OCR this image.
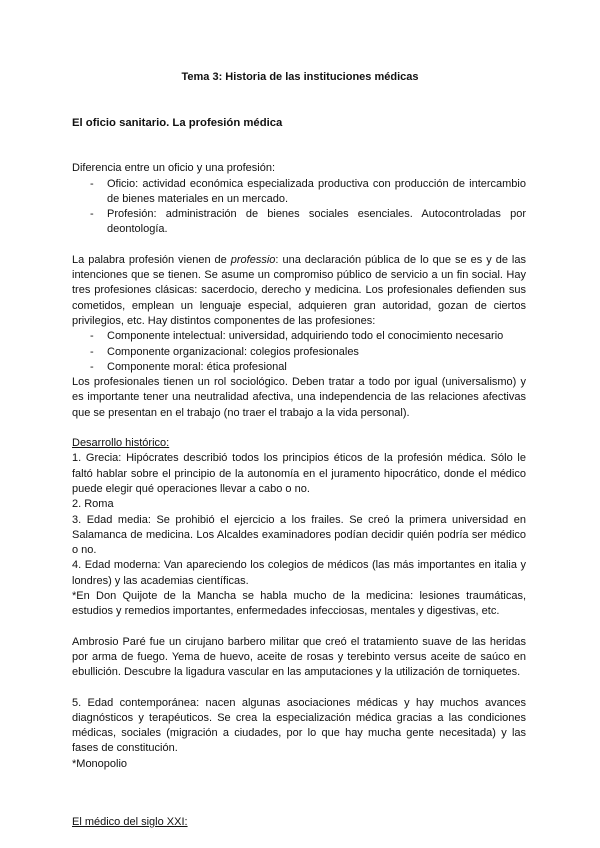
Tema 3: Historia de las instituciones médicas

El oficio sanitario. La profesión médica

Diferencia entre un oficio y una profesión:

- Oficio: actividad económica especializada productiva con producción de intercambio de bienes materiales en un mercado.
- Profesión: administración de bienes sociales esenciales. Autocontroladas por deontología.

La palabra profesión vienen de professio: una declaración pública de lo que se es y de las intenciones que se tienen. Se asume un compromiso público de servicio a un fin social. Hay tres profesiones clásicas: sacerdocio, derecho y medicina. Los profesionales defienden sus cometidos, emplean un lenguaje especial, adquieren gran autoridad, gozan de ciertos privilegios, etc. Hay distintos componentes de las profesiones:

- Componente intelectual: universidad, adquiriendo todo el conocimiento necesario
- Componente organizacional: colegios profesionales
- Componente moral: ética profesional

Los profesionales tienen un rol sociológico. Deben tratar a todo por igual (universalismo) y es importante tener una neutralidad afectiva, una independencia de las relaciones afectivas que se presentan en el trabajo (no traer el trabajo a la vida personal).

Desarrollo histórico:

1. Grecia: Hipócrates describió todos los principios éticos de la profesión médica. Sólo le faltó hablar sobre el principio de la autonomía en el juramento hipocrático, donde el médico puede elegir qué operaciones llevar a cabo o no.

2. Roma

3. Edad media: Se prohibió el ejercicio a los frailes. Se creó la primera universidad en Salamanca de medicina. Los Alcaldes examinadores podían decidir quién podría ser médico o no.

4. Edad moderna: Van apareciendo los colegios de médicos (las más importantes en italia y londres) y las academias científicas.

*En Don Quijote de la Mancha se habla mucho de la medicina: lesiones traumáticas, estudios y remedios importantes, enfermedades infecciosas, mentales y digestivas, etc.

Ambrosio Paré fue un cirujano barbero militar que creó el tratamiento suave de las heridas por arma de fuego. Yema de huevo, aceite de rosas y terebinto versus aceite de saúco en ebullición. Descubre la ligadura vascular en las amputaciones y la utilización de torniquetes.

5. Edad contemporánea: nacen algunas asociaciones médicas y hay muchos avances diagnósticos y terapéuticos. Se crea la especialización médica gracias a las condiciones médicas, sociales (migración a ciudades, por lo que hay mucha gente necesitada) y las fases de constitución.

*Monopolio

El médico del siglo XXI:
